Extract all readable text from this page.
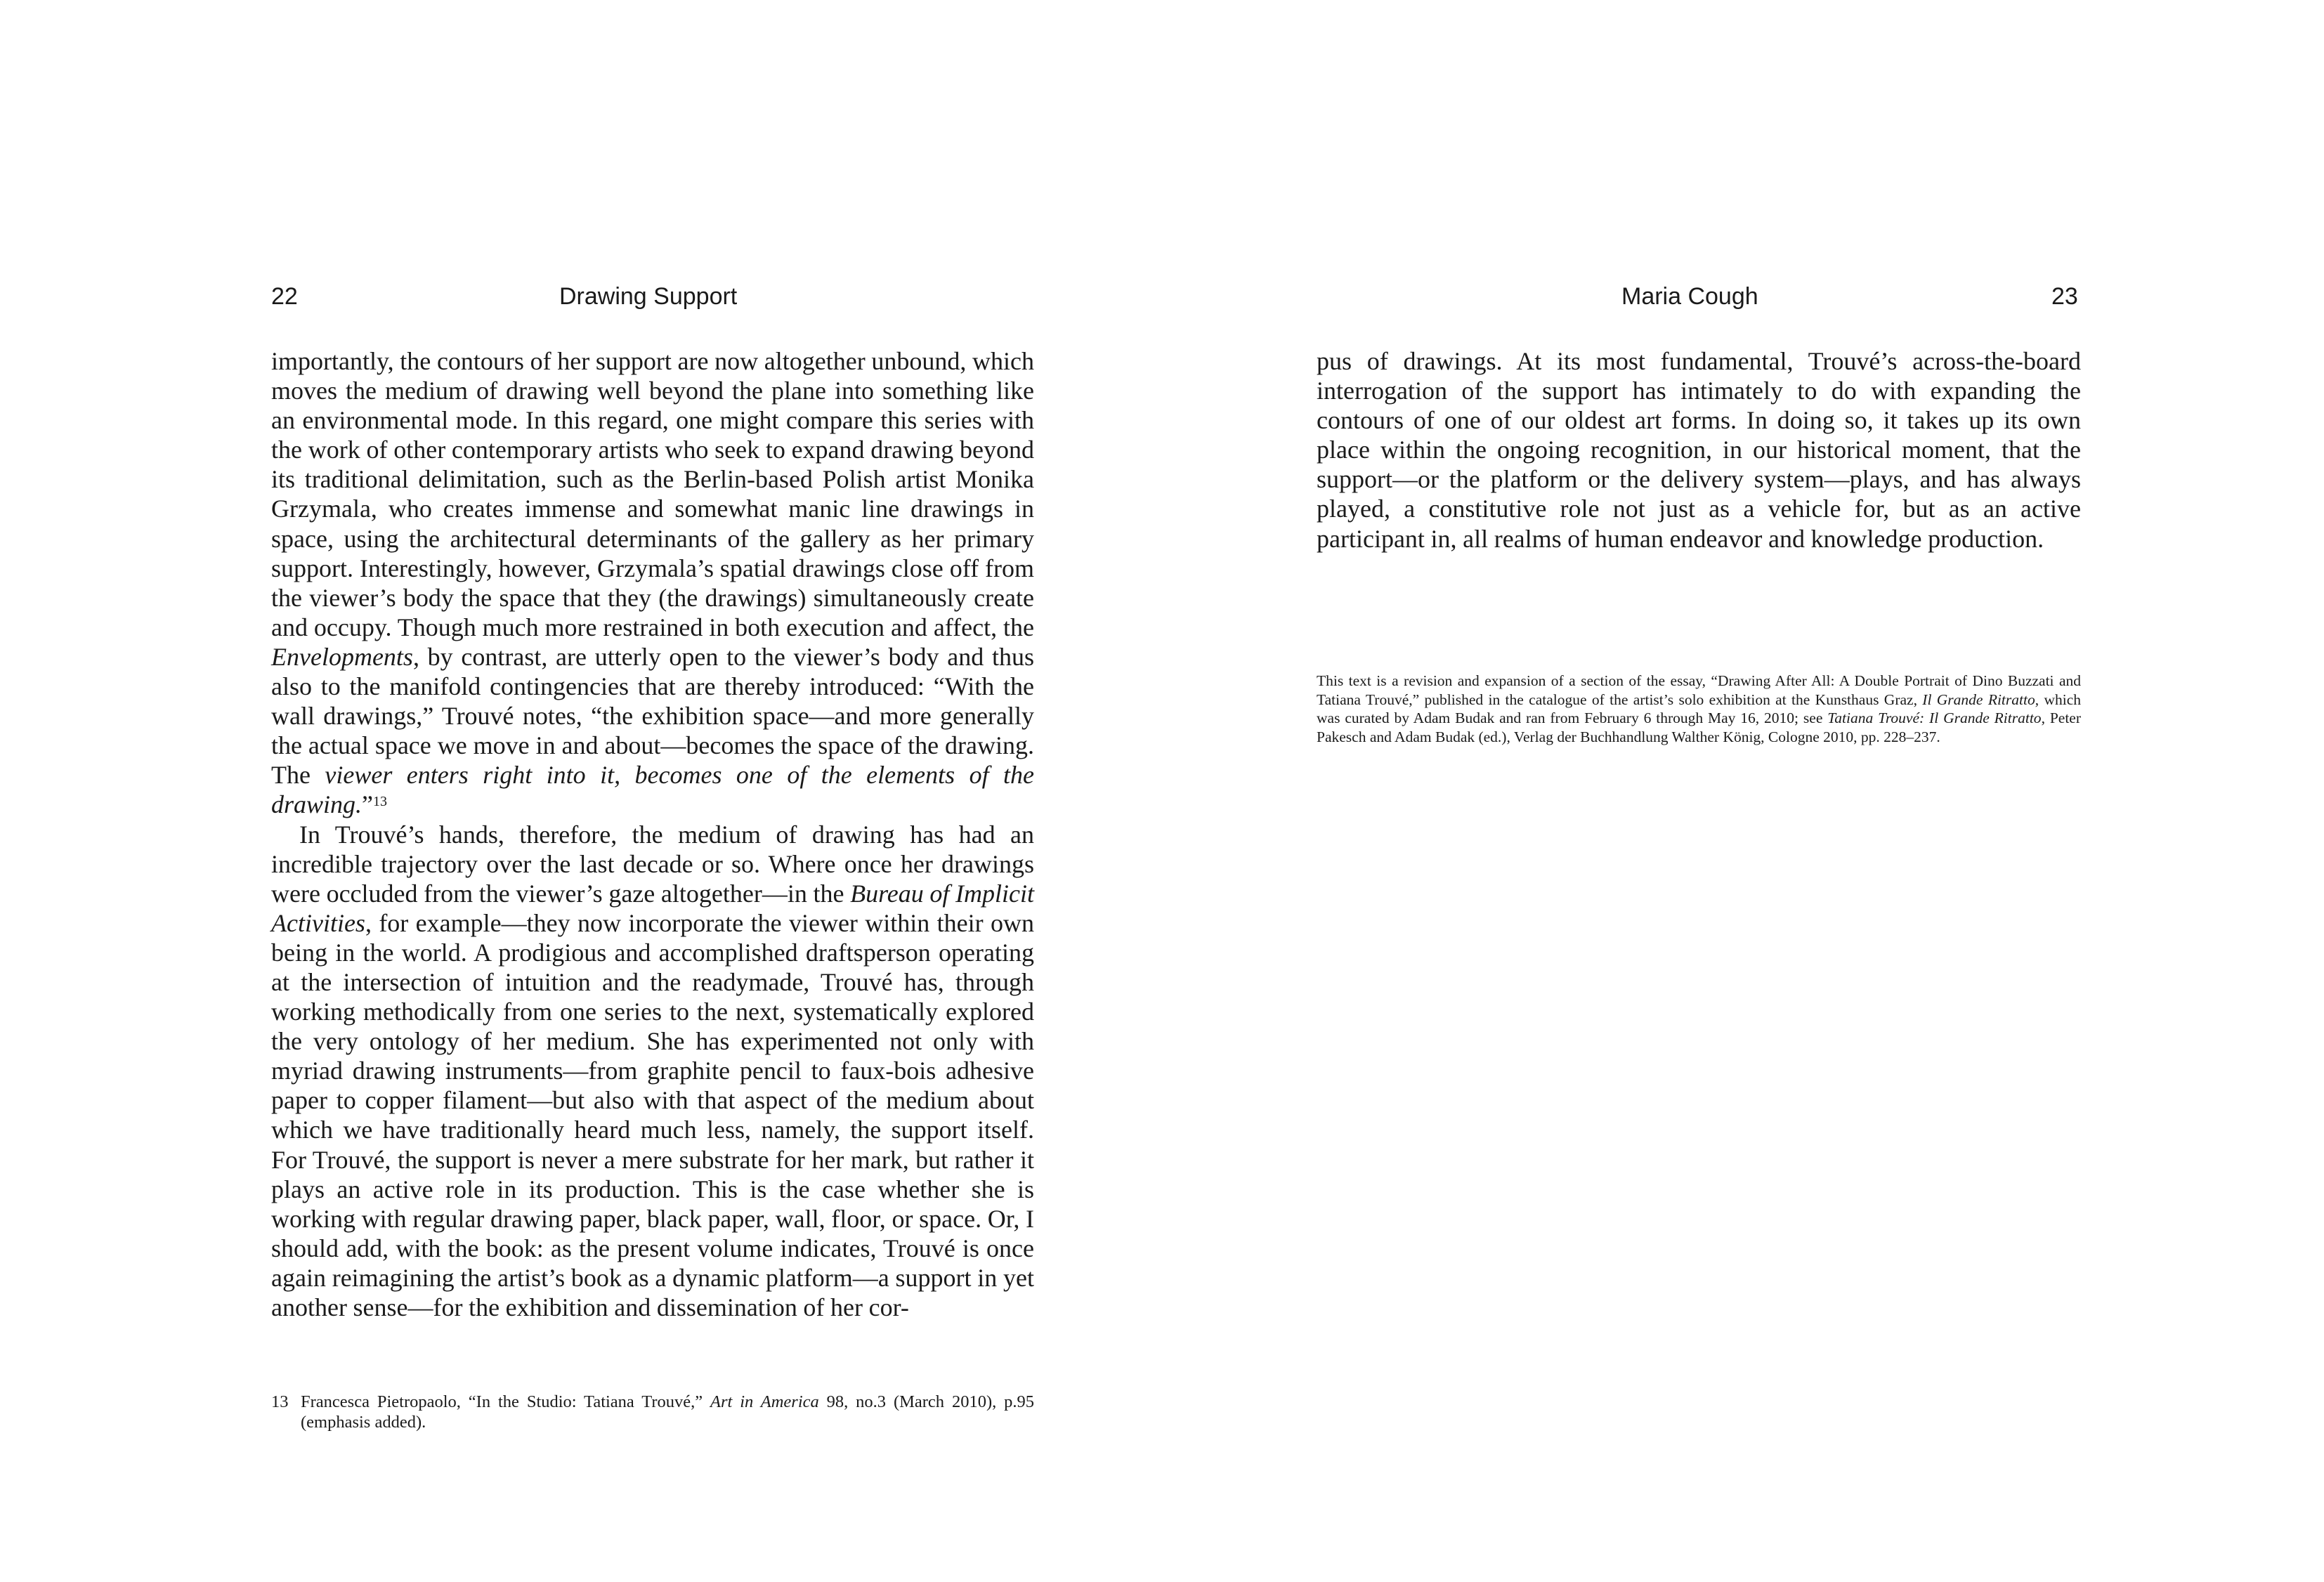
22	Drawing Support

importantly, the contours of her support are now altogether unbound, which moves the medium of drawing well beyond the plane into something like an environmental mode. In this regard, one might compare this series with the work of other contemporary artists who seek to expand drawing beyond its traditional delimitation, such as the Berlin-based Polish artist Monika Grzymala, who creates immense and somewhat manic line drawings in space, using the architectural determinants of the gallery as her primary support. Interestingly, however, Grzymala’s spatial drawings close off from the viewer’s body the space that they (the drawings) simultaneously create and occupy. Though much more restrained in both execution and affect, the Envelopments, by contrast, are utterly open to the viewer’s body and thus also to the manifold contingencies that are thereby introduced: “With the wall drawings,” Trouvé notes, “the exhibition space—and more generally the actual space we move in and about—becomes the space of the drawing. The viewer enters right into it, becomes one of the elements of the drawing.”$^{13}$

In Trouvé’s hands, therefore, the medium of drawing has had an incredible trajectory over the last decade or so. Where once her drawings were occluded from the viewer’s gaze altogether—in the Bureau of Implicit Activities, for example—they now incorporate the viewer within their own being in the world. A prodigious and accomplished draftsperson operating at the intersection of intuition and the readymade, Trouvé has, through working methodically from one series to the next, systematically explored the very ontology of her medium. She has experimented not only with myriad drawing instruments—from graphite pencil to faux-bois adhesive paper to copper filament—but also with that aspect of the medium about which we have traditionally heard much less, namely, the support itself. For Trouvé, the support is never a mere substrate for her mark, but rather it plays an active role in its production. This is the case whether she is working with regular drawing paper, black paper, wall, floor, or space. Or, I should add, with the book: as the present volume indicates, Trouvé is once again reimagining the artist’s book as a dynamic platform—a support in yet another sense—for the exhibition and dissemination of her cor-

13 Francesca Pietropaolo, “In the Studio: Tatiana Trouvé,” Art in America 98, no.3 (March 2010), p.95 (emphasis added).
Maria Cough	23

pus of drawings. At its most fundamental, Trouvé’s across-the-board interrogation of the support has intimately to do with expanding the contours of one of our oldest art forms. In doing so, it takes up its own place within the ongoing recognition, in our historical moment, that the support—or the platform or the delivery system—plays, and has always played, a constitutive role not just as a vehicle for, but as an active participant in, all realms of human endeavor and knowledge production.

This text is a revision and expansion of a section of the essay, “Drawing After All: A Double Portrait of Dino Buzzati and Tatiana Trouvé,” published in the catalogue of the artist’s solo exhibition at the Kunsthaus Graz, Il Grande Ritratto, which was curated by Adam Budak and ran from February 6 through May 16, 2010; see Tatiana Trouvé: Il Grande Ritratto, Peter Pakesch and Adam Budak (ed.), Verlag der Buchhandlung Walther König, Cologne 2010, pp. 228–237.
